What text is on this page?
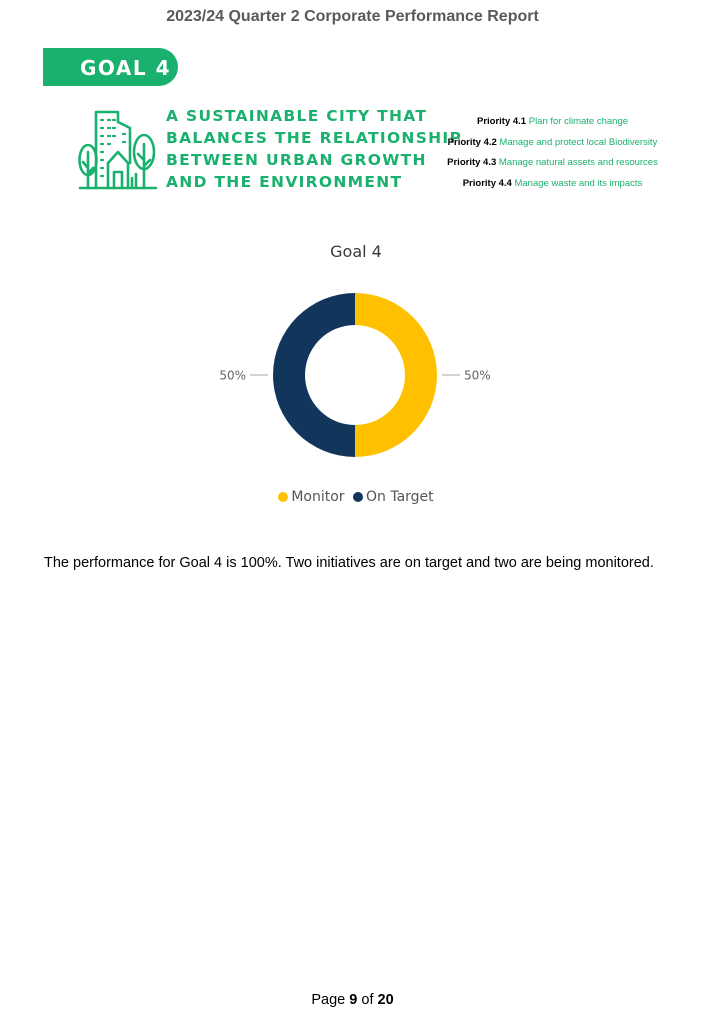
2023/24 Quarter 2 Corporate Performance Report
GOAL 4
A SUSTAINABLE CITY THAT
BALANCES THE RELATIONSHIP
BETWEEN URBAN GROWTH
AND THE ENVIRONMENT
Priority 4.1 Plan for climate change
Priority 4.2 Manage and protect local Biodiversity
Priority 4.3 Manage natural assets and resources
Priority 4.4 Manage waste and its impacts
Goal 4
50%
50%
Monitor On Target
The performance for Goal 4 is 100%. Two initiatives are on target and two are being monitored.
Page 9 of 20
